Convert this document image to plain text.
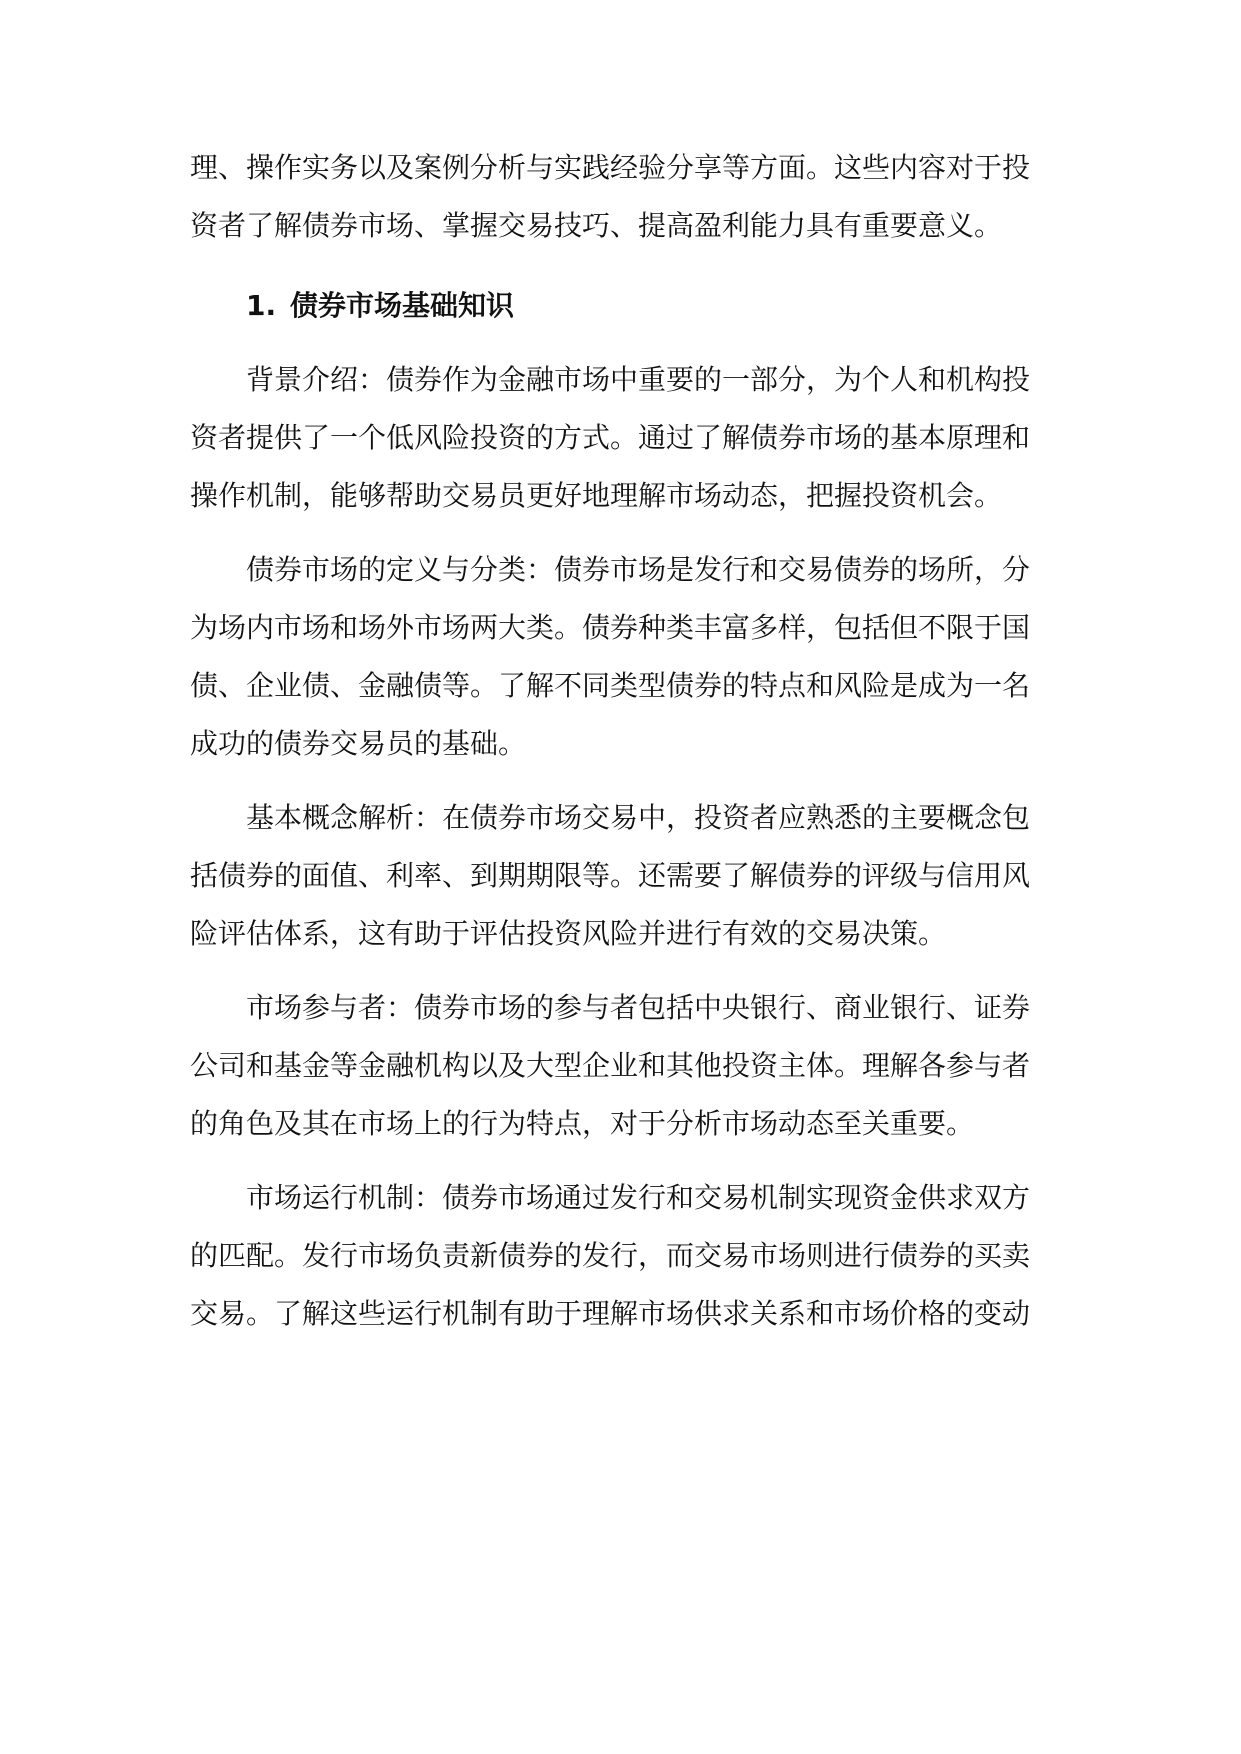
理、操作实务以及案例分析与实践经验分享等方面。这些内容对于投
资者了解债券市场、掌握交易技巧、提高盈利能力具有重要意义。
1. 债券市场基础知识
背景介绍：债券作为金融市场中重要的一部分，为个人和机构投
资者提供了一个低风险投资的方式。通过了解债券市场的基本原理和
操作机制，能够帮助交易员更好地理解市场动态，把握投资机会。
债券市场的定义与分类：债券市场是发行和交易债券的场所，分
为场内市场和场外市场两大类。债券种类丰富多样，包括但不限于国
债、企业债、金融债等。了解不同类型债券的特点和风险是成为一名
成功的债券交易员的基础。
基本概念解析：在债券市场交易中，投资者应熟悉的主要概念包
括债券的面值、利率、到期期限等。还需要了解债券的评级与信用风
险评估体系，这有助于评估投资风险并进行有效的交易决策。
市场参与者：债券市场的参与者包括中央银行、商业银行、证券
公司和基金等金融机构以及大型企业和其他投资主体。理解各参与者
的角色及其在市场上的行为特点，对于分析市场动态至关重要。
市场运行机制：债券市场通过发行和交易机制实现资金供求双方
的匹配。发行市场负责新债券的发行，而交易市场则进行债券的买卖
交易。了解这些运行机制有助于理解市场供求关系和市场价格的变动
